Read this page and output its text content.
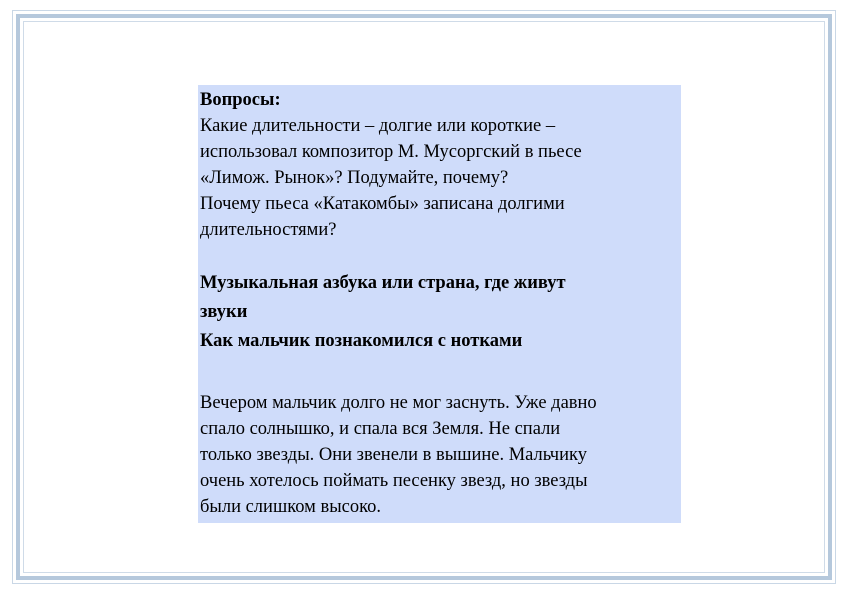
Вопросы:

Какие длительности – долгие или короткие –

использовал композитор М. Мусоргский в пьесе

«Лимож. Рынок»? Подумайте, почему?

Почему пьеса «Катакомбы» записана долгими

длительностями?

Музыкальная азбука или страна, где живут

звуки

Как мальчик познакомился с нотками

Вечером мальчик долго не мог заснуть. Уже давно

спало солнышко, и спала вся Земля. Не спали

только звезды. Они звенели в вышине. Мальчику

очень хотелось поймать песенку звезд, но звезды

были слишком высоко.
